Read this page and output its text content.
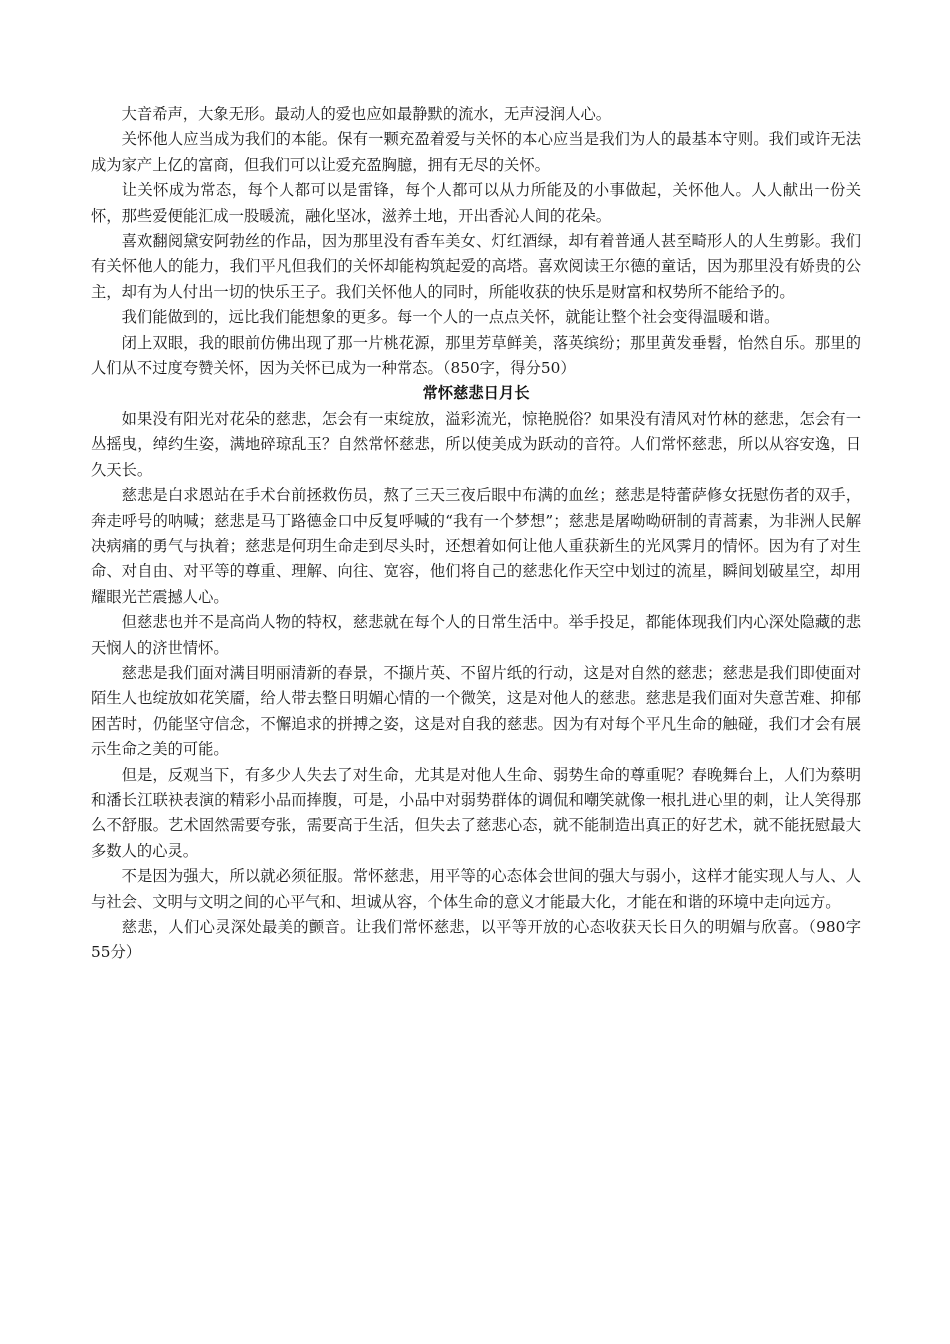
大音希声，大象无形。最动人的爱也应如最静默的流水，无声浸润人心。

关怀他人应当成为我们的本能。保有一颗充盈着爱与关怀的本心应当是我们为人的最基本守则。我们或许无法成为家产上亿的富商，但我们可以让爱充盈胸臆，拥有无尽的关怀。

让关怀成为常态，每个人都可以是雷锋，每个人都可以从力所能及的小事做起，关怀他人。人人献出一份关怀，那些爱便能汇成一股暖流，融化坚冰，滋养土地，开出香沁人间的花朵。

喜欢翻阅黛安阿勃丝的作品，因为那里没有香车美女、灯红酒绿，却有着普通人甚至畸形人的人生剪影。我们有关怀他人的能力，我们平凡但我们的关怀却能构筑起爱的高塔。喜欢阅读王尔德的童话，因为那里没有娇贵的公主，却有为人付出一切的快乐王子。我们关怀他人的同时，所能收获的快乐是财富和权势所不能给予的。

我们能做到的，远比我们能想象的更多。每一个人的一点点关怀，就能让整个社会变得温暖和谐。

闭上双眼，我的眼前仿佛出现了那一片桃花源，那里芳草鲜美，落英缤纷；那里黄发垂髫，怡然自乐。那里的人们从不过度夸赞关怀，因为关怀已成为一种常态。（850字，得分50）

常怀慈悲日月长

如果没有阳光对花朵的慈悲，怎会有一束绽放，溢彩流光，惊艳脱俗？如果没有清风对竹林的慈悲，怎会有一丛摇曳，绰约生姿，满地碎琼乱玉？自然常怀慈悲，所以使美成为跃动的音符。人们常怀慈悲，所以从容安逸，日久天长。

慈悲是白求恩站在手术台前拯救伤员，熬了三天三夜后眼中布满的血丝；慈悲是特蕾萨修女抚慰伤者的双手，奔走呼号的呐喊；慈悲是马丁路德金口中反复呼喊的“我有一个梦想”；慈悲是屠呦呦研制的青蒿素，为非洲人民解决病痛的勇气与执着；慈悲是何玥生命走到尽头时，还想着如何让他人重获新生的光风霁月的情怀。因为有了对生命、对自由、对平等的尊重、理解、向往、宽容，他们将自己的慈悲化作天空中划过的流星，瞬间划破星空，却用耀眼光芒震撼人心。

但慈悲也并不是高尚人物的特权，慈悲就在每个人的日常生活中。举手投足，都能体现我们内心深处隐藏的悲天悯人的济世情怀。

慈悲是我们面对满目明丽清新的春景，不撷片英、不留片纸的行动，这是对自然的慈悲；慈悲是我们即使面对陌生人也绽放如花笑靥，给人带去整日明媚心情的一个微笑，这是对他人的慈悲。慈悲是我们面对失意苦难、抑郁困苦时，仍能坚守信念，不懈追求的拼搏之姿，这是对自我的慈悲。因为有对每个平凡生命的触碰，我们才会有展示生命之美的可能。

但是，反观当下，有多少人失去了对生命，尤其是对他人生命、弱势生命的尊重呢？春晚舞台上，人们为蔡明和潘长江联袂表演的精彩小品而捧腹，可是，小品中对弱势群体的调侃和嘲笑就像一根扎进心里的刺，让人笑得那么不舒服。艺术固然需要夸张，需要高于生活，但失去了慈悲心态，就不能制造出真正的好艺术，就不能抚慰最大多数人的心灵。

不是因为强大，所以就必须征服。常怀慈悲，用平等的心态体会世间的强大与弱小，这样才能实现人与人、人与社会、文明与文明之间的心平气和、坦诚从容，个体生命的意义才能最大化，才能在和谐的环境中走向远方。

慈悲，人们心灵深处最美的颤音。让我们常怀慈悲，以平等开放的心态收获天长日久的明媚与欣喜。（980字　　55分）
